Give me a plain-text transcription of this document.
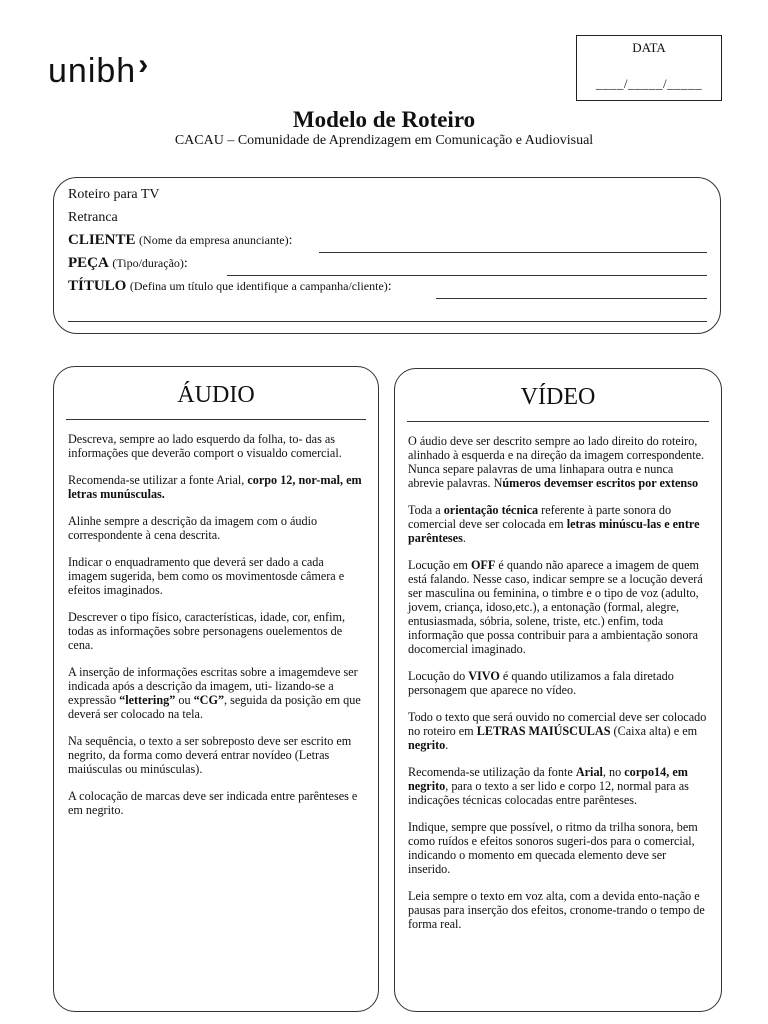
unibh›
DATA
____/_____/_____
Modelo de Roteiro
CACAU – Comunidade de Aprendizagem em Comunicação e Audiovisual
Roteiro para TV
Retranca
CLIENTE (Nome da empresa anunciante):
PEÇA (Tipo/duração):
TÍTULO (Defina um título que identifique a campanha/cliente):
ÁUDIO

Descreva, sempre ao lado esquerdo da folha, to- das as informações que deverão comport o visualdo comercial.

Recomenda-se utilizar a fonte Arial, corpo 12, nor-mal, em letras munúsculas.

Alinhe sempre a descrição da imagem com o áudio correspondente à cena descrita.

Indicar o enquadramento que deverá ser dado a cada imagem sugerida, bem como os movimentosde câmera e efeitos imaginados.

Descrever o tipo físico, características, idade, cor, enfim, todas as informações sobre personagens ouelementos de cena.

A inserção de informações escritas sobre a imagemdeve ser indicada após a descrição da imagem, uti- lizando-se a expressão “lettering” ou “CG”, seguida da posição em que deverá ser colocado na tela.

Na sequência, o texto a ser sobreposto deve ser escrito em negrito, da forma como deverá entrar novídeo (Letras maiúsculas ou minúsculas).

A colocação de marcas deve ser indicada entre parênteses e em negrito.

VÍDEO

O áudio deve ser descrito sempre ao lado direito do roteiro, alinhado à esquerda e na direção da imagem correspondente. Nunca separe palavras de uma linhapara outra e nunca abrevie palavras. Números devemser escritos por extenso

Toda a orientação técnica referente à parte sonora do comercial deve ser colocada em letras minúscu-las e entre parênteses.

Locução em OFF é quando não aparece a imagem de quem está falando. Nesse caso, indicar sempre se a locução deverá ser masculina ou feminina, o timbre e o tipo de voz (adulto, jovem, criança, idoso,etc.), a entonação (formal, alegre, entusiasmada, sóbria, solene, triste, etc.) enfim, toda informação que possa contribuir para a ambientação sonora docomercial imaginado.

Locução do VIVO é quando utilizamos a fala diretado personagem que aparece no vídeo.

Todo o texto que será ouvido no comercial deve ser colocado no roteiro em LETRAS MAIÚSCULAS (Caixa alta) e em negrito.

Recomenda-se utilização da fonte Arial, no corpo14, em negrito, para o texto a ser lido e corpo 12, normal para as indicações técnicas colocadas entre parênteses.

Indique, sempre que possível, o ritmo da trilha sonora, bem como ruídos e efeitos sonoros sugeri-dos para o comercial, indicando o momento em quecada elemento deve ser inserido.

Leia sempre o texto em voz alta, com a devida ento-nação e pausas para inserção dos efeitos, cronome-trando o tempo de forma real.
